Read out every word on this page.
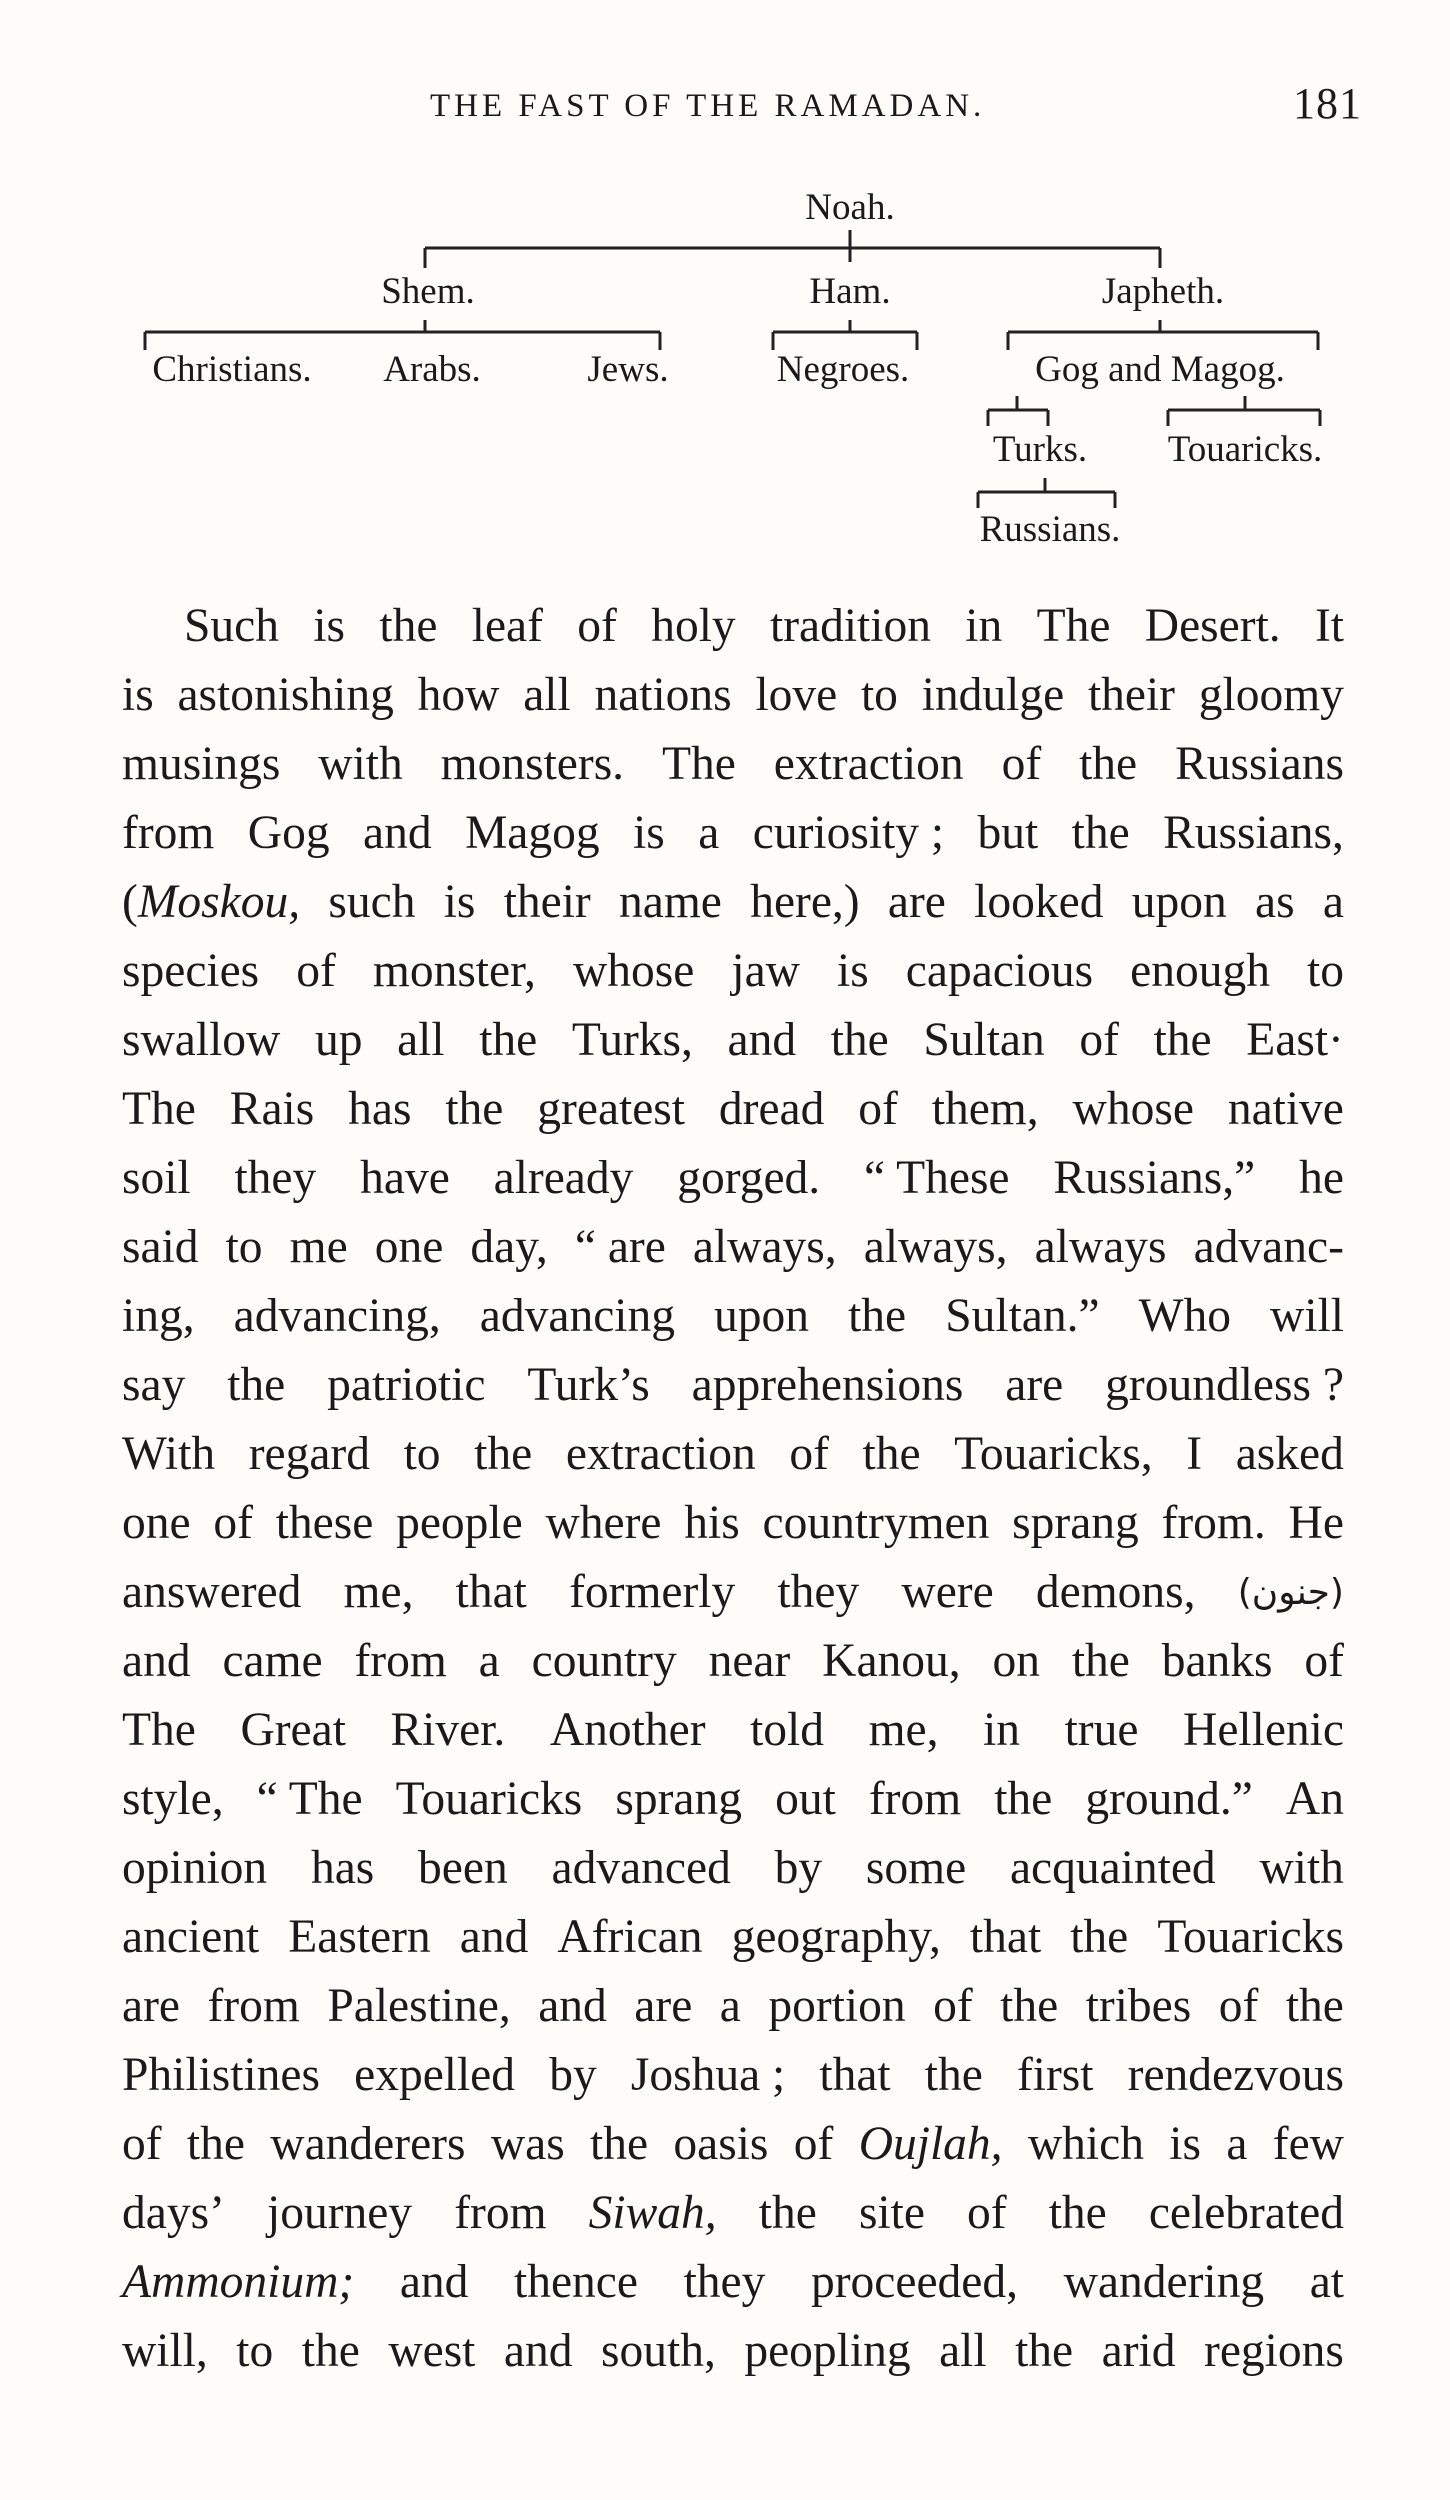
THE FAST OF THE RAMADAN.	181
Noah.
Shem.	Ham.	Japheth.
Christians. Arabs.	Jews.	Negroes.	Gog and Magog.
Turks. Touaricks.
Russians.
Such is the leaf of holy tradition in The Desert. It
is astonishing how all nations love to indulge their gloomy
musings with monsters. The extraction of the Russians
from Gog and Magog is a curiosity ; but the Russians,
(Moskou, such is their name here,) are looked upon as a
species of monster, whose jaw is capacious enough to
swallow up all the Turks, and the Sultan of the East·
The Rais has the greatest dread of them, whose native
soil they have already gorged. “ These Russians,” he
said to me one day, “ are always, always, always advanc-
ing, advancing, advancing upon the Sultan.” Who will
say the patriotic Turk’s apprehensions are groundless ?
With regard to the extraction of the Touaricks, I asked
one of these people where his countrymen sprang from. He
answered me, that formerly they were demons, (جنون)
and came from a country near Kanou, on the banks of
The Great River. Another told me, in true Hellenic
style, “ The Touaricks sprang out from the ground.” An
opinion has been advanced by some acquainted with
ancient Eastern and African geography, that the Touaricks
are from Palestine, and are a portion of the tribes of the
Philistines expelled by Joshua ; that the first rendezvous
of the wanderers was the oasis of Oujlah, which is a few
days’ journey from Siwah, the site of the celebrated
Ammonium; and thence they proceeded, wandering at
will, to the west and south, peopling all the arid regions
